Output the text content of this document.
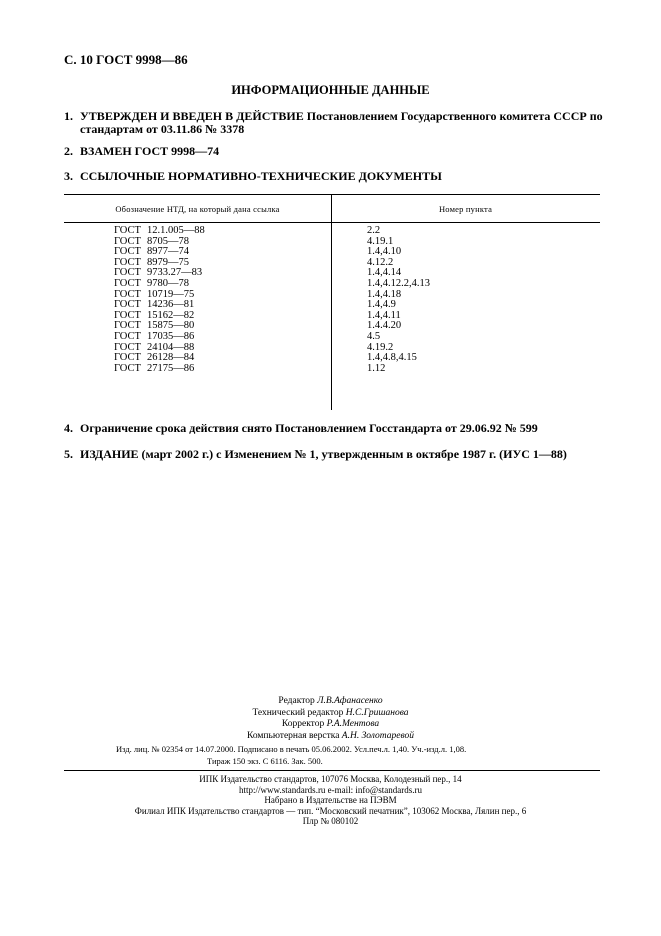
С. 10 ГОСТ 9998—86
ИНФОРМАЦИОННЫЕ ДАННЫЕ
1. УТВЕРЖДЕН И ВВЕДЕН В ДЕЙСТВИЕ Постановлением Государственного комитета СССР по
стандартам от 03.11.86 № 3378
2. ВЗАМЕН ГОСТ 9998—74
3. ССЫЛОЧНЫЕ НОРМАТИВНО-ТЕХНИЧЕСКИЕ ДОКУМЕНТЫ
Обозначение НТД, на который дана ссылка	Номер пункта
ГОСТ 12.1.005—88
ГОСТ 8705—78
ГОСТ 8977—74
ГОСТ 8979—75
ГОСТ 9733.27—83
ГОСТ 9780—78
ГОСТ 10719—75
ГОСТ 14236—81
ГОСТ 15162—82
ГОСТ 15875—80
ГОСТ 17035—86
ГОСТ 24104—88
ГОСТ 26128—84
ГОСТ 27175—86
2.2
4.19.1
1.4,4.10
4.12.2
1.4,4.14
1.4,4.12.2,4.13
1.4,4.18
1.4,4.9
1.4,4.11
1.4.4.20
4.5
4.19.2
1.4,4.8,4.15
1.12
4. Ограничение срока действия снято Постановлением Госстандарта от 29.06.92 № 599
5. ИЗДАНИЕ (март 2002 г.) с Изменением № 1, утвержденным в октябре 1987 г. (ИУС 1—88)
Редактор Л.В.Афанасенко
Технический редактор Н.С.Гришанова
Корректор Р.А.Ментова
Компьютерная верстка А.Н. Золотаревой
Изд. лиц. № 02354 от 14.07.2000. Подписано в печать 05.06.2002. Усл.печ.л. 1,40. Уч.-изд.л. 1,08.
Тираж 150 экз. С 6116. Зак. 500.
ИПК Издательство стандартов, 107076 Москва, Колодезный пер., 14
http://www.standards.ru e-mail: info@standards.ru
Набрано в Издательстве на ПЭВМ
Филиал ИПК Издательство стандартов — тип. “Московский печатник”, 103062 Москва, Лялин пер., 6
Плр № 080102
